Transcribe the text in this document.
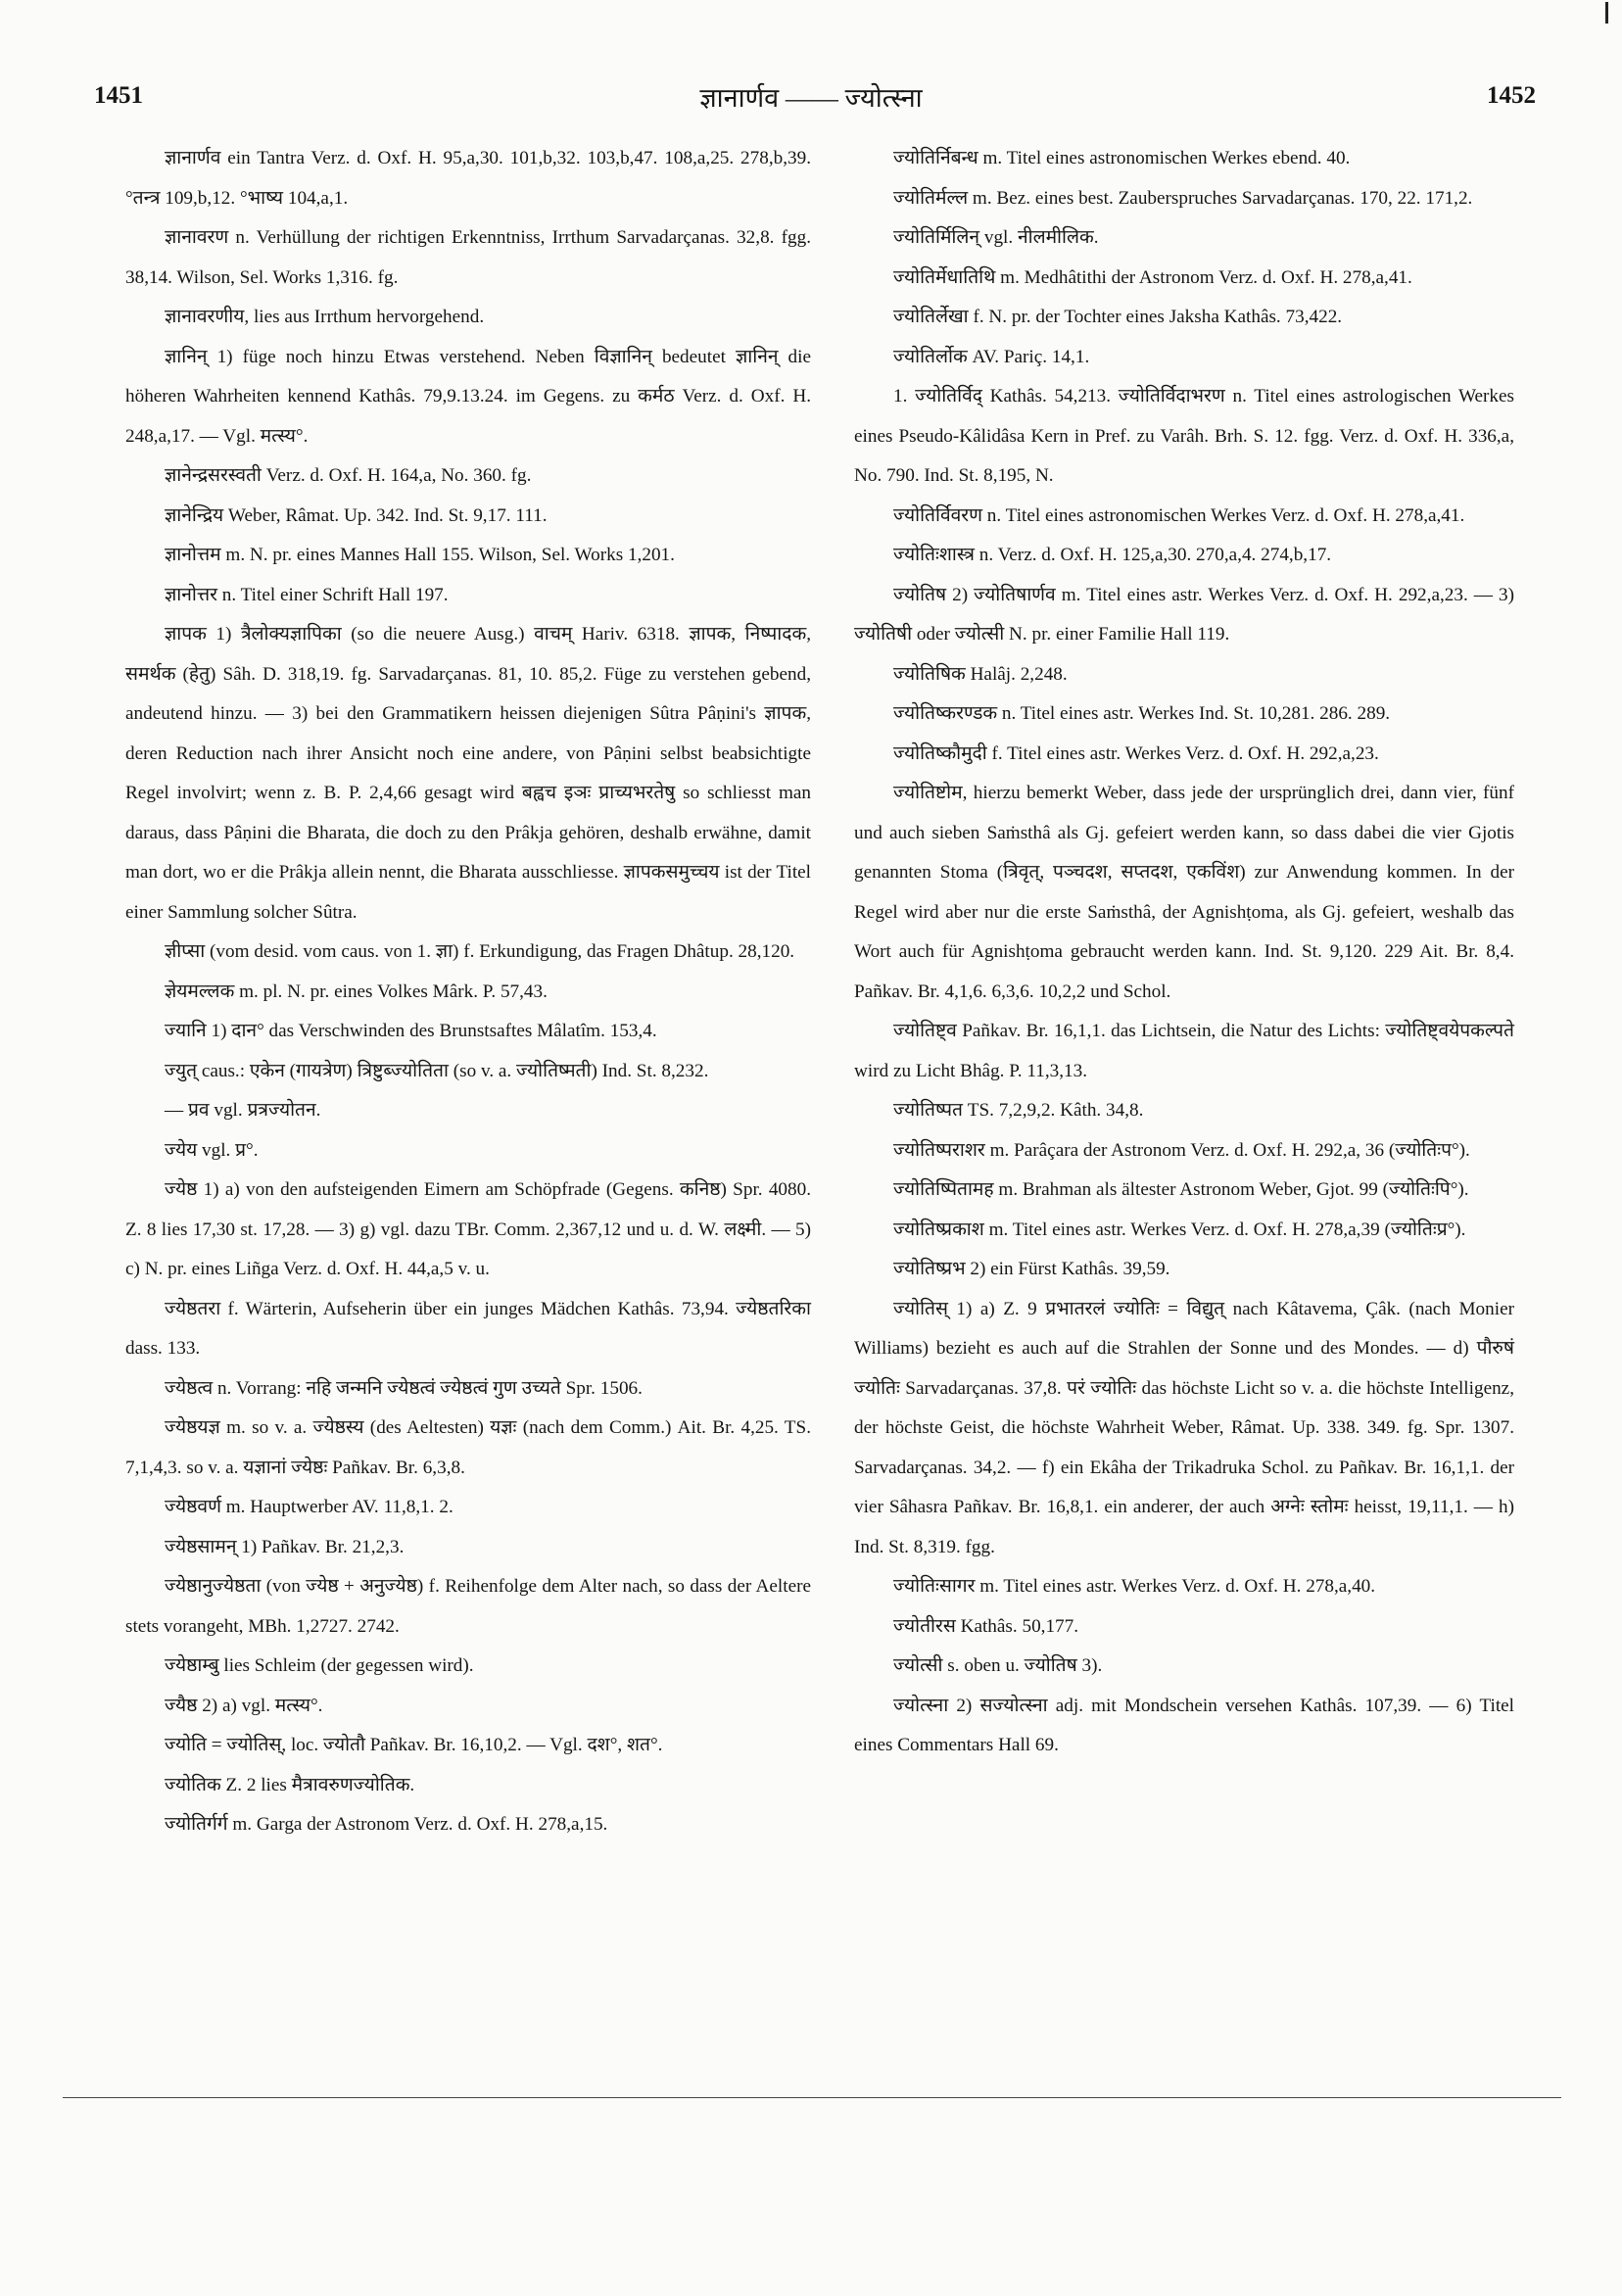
1451	ज्ञानार्णव —— ज्योत्स्ना	1452

ज्ञानार्णव ein Tantra Verz. d. Oxf. H. 95,a,30. 101,b,32. 103,b,47. 108,a,25. 278,b,39. °तन्त्र 109,b,12. °भाष्य 104,a,1.

ज्ञानावरण n. Verhüllung der richtigen Erkenntniss, Irrthum Sarvadarçanas. 32,8. fgg. 38,14. Wilson, Sel. Works 1,316. fg.

ज्ञानावरणीय, lies aus Irrthum hervorgehend.

ज्ञानिन् 1) füge noch hinzu Etwas verstehend. Neben विज्ञानिन् bedeutet ज्ञानिन् die höheren Wahrheiten kennend Kathâs. 79,9.13.24. im Gegens. zu कर्मठ Verz. d. Oxf. H. 248,a,17. — Vgl. मत्स्य°.

ज्ञानेन्द्रसरस्वती Verz. d. Oxf. H. 164,a, No. 360. fg.

ज्ञानेन्द्रिय Weber, Râmat. Up. 342. Ind. St. 9,17. 111.

ज्ञानोत्तम m. N. pr. eines Mannes Hall 155. Wilson, Sel. Works 1,201.

ज्ञानोत्तर n. Titel einer Schrift Hall 197.

ज्ञापक 1) त्रैलोक्यज्ञापिका (so die neuere Ausg.) वाचम् Hariv. 6318. ज्ञापक, निष्पादक, समर्थक (हेतु) Sâh. D. 318,19. fg. Sarvadarçanas. 81, 10. 85,2. Füge zu verstehen gebend, andeutend hinzu. — 3) bei den Grammatikern heissen diejenigen Sûtra Pâṇini's ज्ञापक, deren Reduction nach ihrer Ansicht noch eine andere, von Pâṇini selbst beabsichtigte Regel involvirt; wenn z. B. P. 2,4,66 gesagt wird बह्वच इञः प्राच्यभरतेषु so schliesst man daraus, dass Pâṇini die Bharata, die doch zu den Prâkja gehören, deshalb erwähne, damit man dort, wo er die Prâkja allein nennt, die Bharata ausschliesse. ज्ञापकसमुच्चय ist der Titel einer Sammlung solcher Sûtra.

ज्ञीप्सा (vom desid. vom caus. von 1. ज्ञा) f. Erkundigung, das Fragen Dhâtup. 28,120.

ज्ञेयमल्लक m. pl. N. pr. eines Volkes Mârk. P. 57,43.

ज्यानि 1) दान° das Verschwinden des Brunstsaftes Mâlatîm. 153,4.

ज्युत् caus.: एकेन (गायत्रेण) त्रिष्टुब्ज्योतिता (so v. a. ज्योतिष्मती) Ind. St. 8,232.

— प्रव vgl. प्रत्रज्योतन.

ज्येय vgl. प्र°.

ज्येष्ठ 1) a) von den aufsteigenden Eimern am Schöpfrade (Gegens. कनिष्ठ) Spr. 4080. Z. 8 lies 17,30 st. 17,28. — 3) g) vgl. dazu TBr. Comm. 2,367,12 und u. d. W. लक्ष्मी. — 5) c) N. pr. eines Liñga Verz. d. Oxf. H. 44,a,5 v. u.

ज्येष्ठतरा f. Wärterin, Aufseherin über ein junges Mädchen Kathâs. 73,94. ज्येष्ठतरिका dass. 133.

ज्येष्ठत्व n. Vorrang: नहि जन्मनि ज्येष्ठत्वं ज्येष्ठत्वं गुण उच्यते Spr. 1506.

ज्येष्ठयज्ञ m. so v. a. ज्येष्ठस्य (des Aeltesten) यज्ञः (nach dem Comm.) Ait. Br. 4,25. TS. 7,1,4,3. so v. a. यज्ञानां ज्येष्ठः Pañkav. Br. 6,3,8.

ज्येष्ठवर्ण m. Hauptwerber AV. 11,8,1. 2.

ज्येष्ठसामन् 1) Pañkav. Br. 21,2,3.

ज्येष्ठानुज्येष्ठता (von ज्येष्ठ + अनुज्येष्ठ) f. Reihenfolge dem Alter nach, so dass der Aeltere stets vorangeht, MBh. 1,2727. 2742.

ज्येष्ठाम्बु lies Schleim (der gegessen wird).

ज्यैष्ठ 2) a) vgl. मत्स्य°.

ज्योति = ज्योतिस्, loc. ज्योतौ Pañkav. Br. 16,10,2. — Vgl. दश°, शत°.

ज्योतिक Z. 2 lies मैत्रावरुणज्योतिक.

ज्योतिर्गर्ग m. Garga der Astronom Verz. d. Oxf. H. 278,a,15.

ज्योतिर्निबन्ध m. Titel eines astronomischen Werkes ebend. 40.

ज्योतिर्मल्ल m. Bez. eines best. Zauberspruches Sarvadarçanas. 170, 22. 171,2.

ज्योतिर्मिलिन् vgl. नीलमीलिक.

ज्योतिर्मेधातिथि m. Medhâtithi der Astronom Verz. d. Oxf. H. 278,a,41.

ज्योतिर्लेखा f. N. pr. der Tochter eines Jaksha Kathâs. 73,422.

ज्योतिर्लोक AV. Pariç. 14,1.

1. ज्योतिर्विद् Kathâs. 54,213. ज्योतिर्विदाभरण n. Titel eines astrologischen Werkes eines Pseudo-Kâlidâsa Kern in Pref. zu Varâh. Brh. S. 12. fgg. Verz. d. Oxf. H. 336,a, No. 790. Ind. St. 8,195, N.

ज्योतिर्विवरण n. Titel eines astronomischen Werkes Verz. d. Oxf. H. 278,a,41.

ज्योतिःशास्त्र n. Verz. d. Oxf. H. 125,a,30. 270,a,4. 274,b,17.

ज्योतिष 2) ज्योतिषार्णव m. Titel eines astr. Werkes Verz. d. Oxf. H. 292,a,23. — 3) ज्योतिषी oder ज्योत्सी N. pr. einer Familie Hall 119.

ज्योतिषिक Halâj. 2,248.

ज्योतिष्करण्डक n. Titel eines astr. Werkes Ind. St. 10,281. 286. 289.

ज्योतिष्कौमुदी f. Titel eines astr. Werkes Verz. d. Oxf. H. 292,a,23.

ज्योतिष्टोम, hierzu bemerkt Weber, dass jede der ursprünglich drei, dann vier, fünf und auch sieben Saṁsthâ als Gj. gefeiert werden kann, so dass dabei die vier Gjotis genannten Stoma (त्रिवृत्, पञ्चदश, सप्तदश, एकविंश) zur Anwendung kommen. In der Regel wird aber nur die erste Saṁsthâ, der Agnishṭoma, als Gj. gefeiert, weshalb das Wort auch für Agnishṭoma gebraucht werden kann. Ind. St. 9,120. 229 Ait. Br. 8,4. Pañkav. Br. 4,1,6. 6,3,6. 10,2,2 und Schol.

ज्योतिष्ट्व Pañkav. Br. 16,1,1. das Lichtsein, die Natur des Lichts: ज्योतिष्ट्वयेपकल्पते wird zu Licht Bhâg. P. 11,3,13.

ज्योतिष्पत TS. 7,2,9,2. Kâth. 34,8.

ज्योतिष्पराशर m. Parâçara der Astronom Verz. d. Oxf. H. 292,a, 36 (ज्योतिःप°).

ज्योतिष्पितामह m. Brahman als ältester Astronom Weber, Gjot. 99 (ज्योतिःपि°).

ज्योतिष्प्रकाश m. Titel eines astr. Werkes Verz. d. Oxf. H. 278,a,39 (ज्योतिःप्र°).

ज्योतिष्प्रभ 2) ein Fürst Kathâs. 39,59.

ज्योतिस् 1) a) Z. 9 प्रभातरलं ज्योतिः = विद्युत् nach Kâtavema, Çâk. (nach Monier Williams) bezieht es auch auf die Strahlen der Sonne und des Mondes. — d) पौरुषं ज्योतिः Sarvadarçanas. 37,8. परं ज्योतिः das höchste Licht so v. a. die höchste Intelligenz, der höchste Geist, die höchste Wahrheit Weber, Râmat. Up. 338. 349. fg. Spr. 1307. Sarvadarçanas. 34,2. — f) ein Ekâha der Trikadruka Schol. zu Pañkav. Br. 16,1,1. der vier Sâhasra Pañkav. Br. 16,8,1. ein anderer, der auch अग्नेः स्तोमः heisst, 19,11,1. — h) Ind. St. 8,319. fgg.

ज्योतिःसागर m. Titel eines astr. Werkes Verz. d. Oxf. H. 278,a,40.

ज्योतीरस Kathâs. 50,177.

ज्योत्सी s. oben u. ज्योतिष 3).

ज्योत्स्ना 2) सज्योत्स्ना adj. mit Mondschein versehen Kathâs. 107,39. — 6) Titel eines Commentars Hall 69.
